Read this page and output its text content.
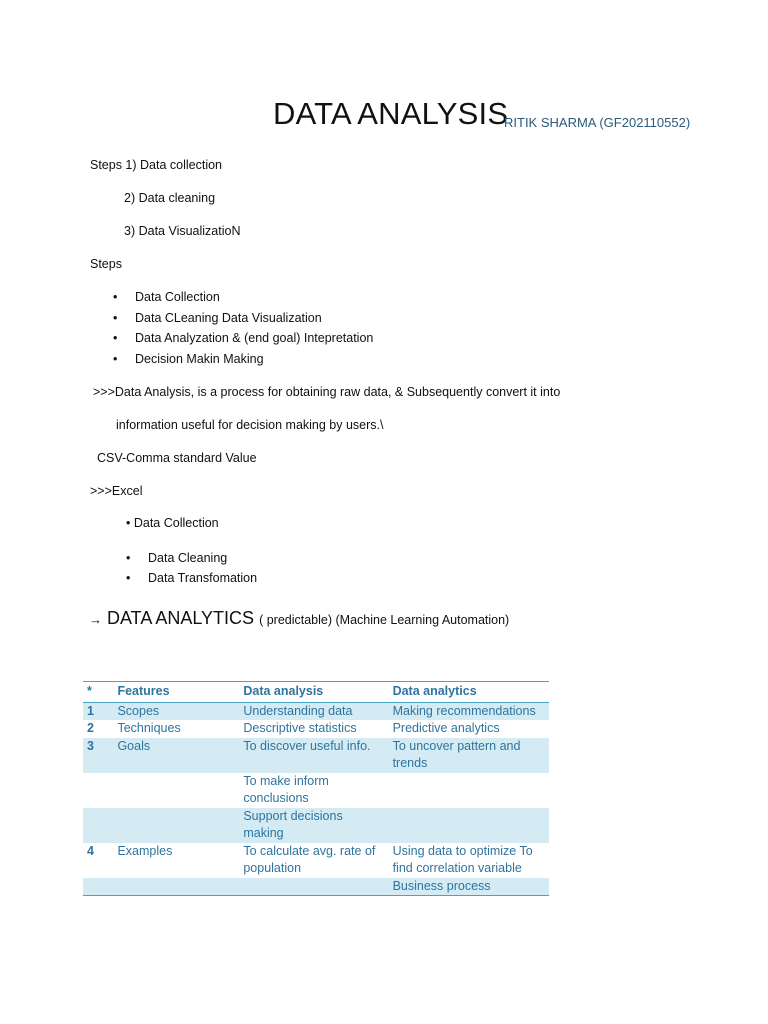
DATA ANALYSIS
RITIK SHARMA (GF202110552)
Steps 1) Data collection
2) Data cleaning
3) Data VisualizatioN
Steps
• Data Collection
• Data CLeaning Data Visualization
• Data Analyzation & (end goal) Intepretation
• Decision Makin Making
>>>Data Analysis, is a process for obtaining raw data, & Subsequently convert it into
information useful for decision making by users.\
CSV-Comma standard Value
>>>Excel
• Data Collection
• Data Cleaning
• Data Transfomation
→ DATA ANALYTICS ( predictable) (Machine Learning Automation)
*	Features	Data analysis	Data analytics
1	Scopes	Understanding data	Making recommendations
2	Techniques	Descriptive statistics	Predictive analytics
3	Goals	To discover useful info.	To uncover pattern and trends
		To make inform conclusions	
		Support decisions making	
4	Examples	To calculate avg. rate of population	Using data to optimize To find correlation variable
			Business process
